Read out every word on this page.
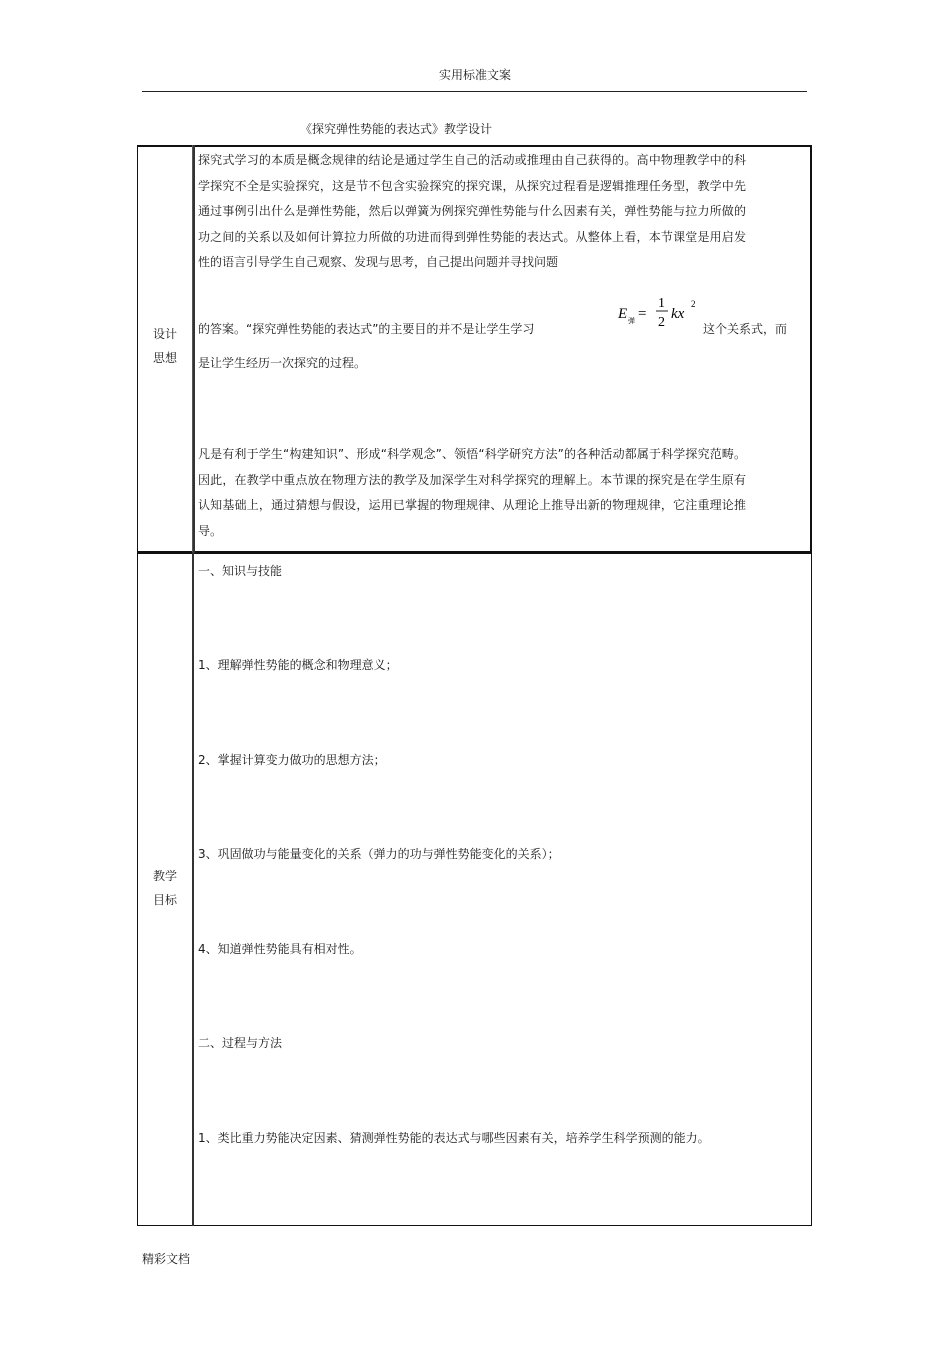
实用标准文案
《探究弹性势能的表达式》教学设计
设计
思想
探究式学习的本质是概念规律的结论是通过学生自己的活动或推理由自己获得的。高中物理教学中的科学探究不全是实验探究，这是节不包含实验探究的探究课，从探究过程看是逻辑推理任务型，教学中先通过事例引出什么是弹性势能，然后以弹簧为例探究弹性势能与什么因素有关，弹性势能与拉力所做的功之间的关系以及如何计算拉力所做的功进而得到弹性势能的表达式。从整体上看，本节课堂是用启发性的语言引导学生自己观察、发现与思考，自己提出问题并寻找问题
的答案。“探究弹性势能的表达式”的主要目的并不是让学生学习
E 弹 =
1
2
kx
2
这个关系式，而
是让学生经历一次探究的过程。
凡是有利于学生“构建知识”、形成“科学观念”、领悟“科学研究方法”的各种活动都属于科学探究范畴。因此，在教学中重点放在物理方法的教学及加深学生对科学探究的理解上。本节课的探究是在学生原有认知基础上，通过猜想与假设，运用已掌握的物理规律、从理论上推导出新的物理规律，它注重理论推导。
教学
目标
一、知识与技能
1、理解弹性势能的概念和物理意义；
2、掌握计算变力做功的思想方法；
3、巩固做功与能量变化的关系（弹力的功与弹性势能变化的关系）；
4、知道弹性势能具有相对性。
二、过程与方法
1、类比重力势能决定因素、猜测弹性势能的表达式与哪些因素有关，培养学生科学预测的能力。
精彩文档
